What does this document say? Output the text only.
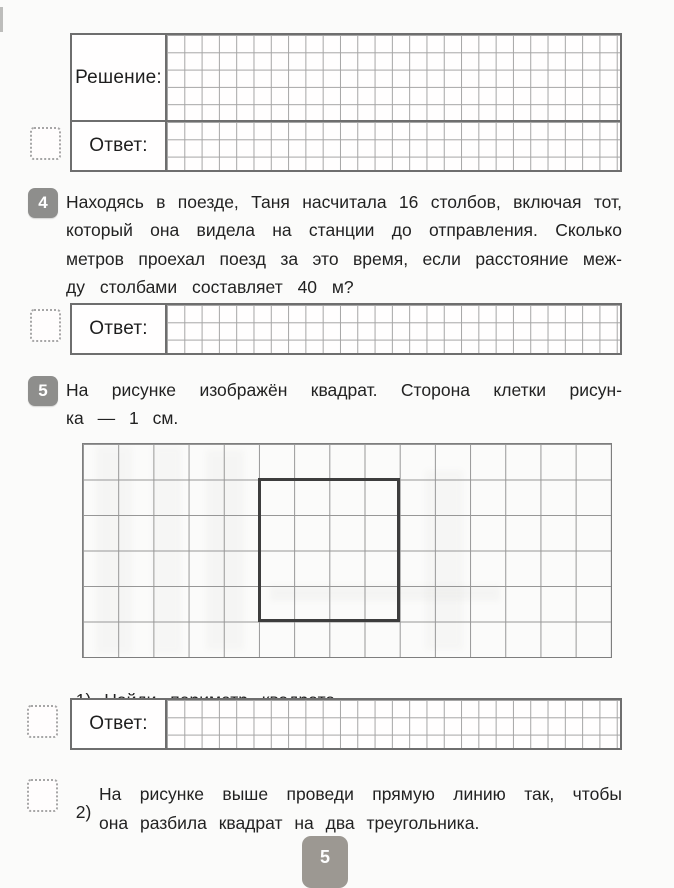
Решение:
Ответ:
4	Находясь в поезде, Таня насчитала 16 столбов, включая тот,
который она видела на станции до отправления. Сколько
метров проехал поезд за это время, если расстояние меж-
ду столбами составляет 40 м?
Ответ:
5	На рисунке изображён квадрат. Сторона клетки рисун-
ка — 1 см.

Ответ:

2)

На рисунке выше проведи прямую линию так, чтобы
она разбила квадрат на два треугольника.
5
